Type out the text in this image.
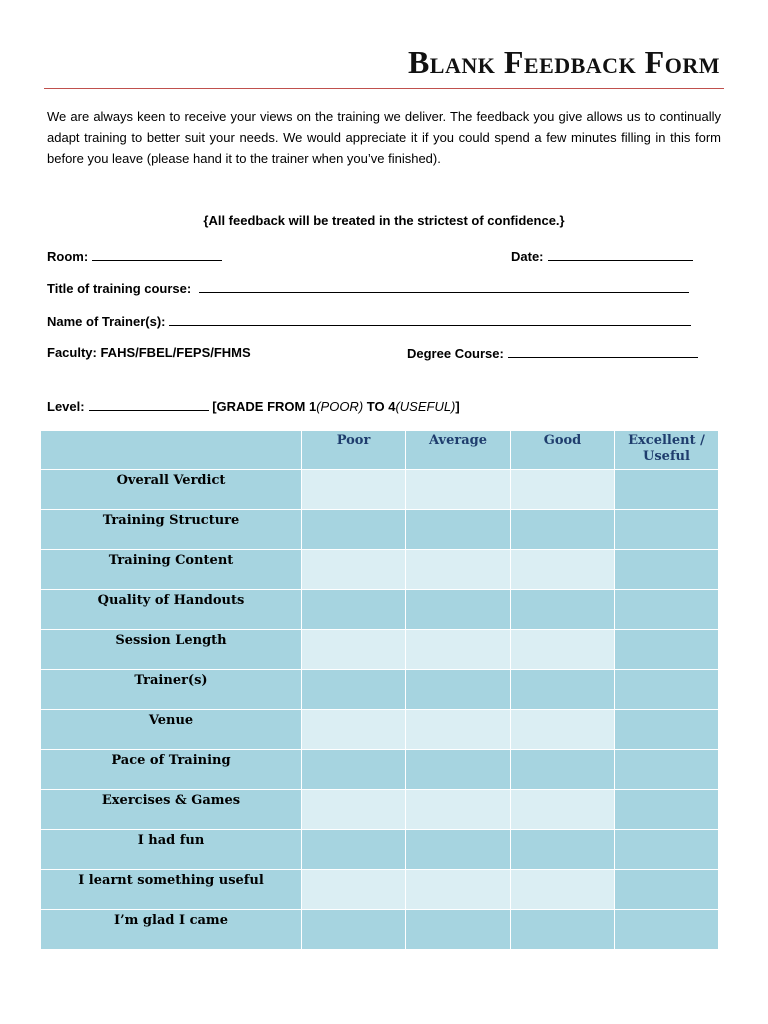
Blank Feedback Form

We are always keen to receive your views on the training we deliver. The feedback you give allows us to continually adapt training to better suit your needs. We would appreciate it if you could spend a few minutes filling in this form before you leave (please hand it to the trainer when you’ve finished).

{All feedback will be treated in the strictest of confidence.}
Room:	Date:
Title of training course:
Name of Trainer(s):
Faculty: FAHS/FBEL/FEPS/FHMS	Degree Course:
Level:	[GRADE FROM 1(POOR) TO 4(USEFUL)]
	Poor	Average	Good	Excellent / Useful
Overall Verdict				
Training Structure				
Training Content				
Quality of Handouts				
Session Length				
Trainer(s)				
Venue				
Pace of Training				
Exercises & Games				
I had fun				
I learnt something useful				
I’m glad I came				
